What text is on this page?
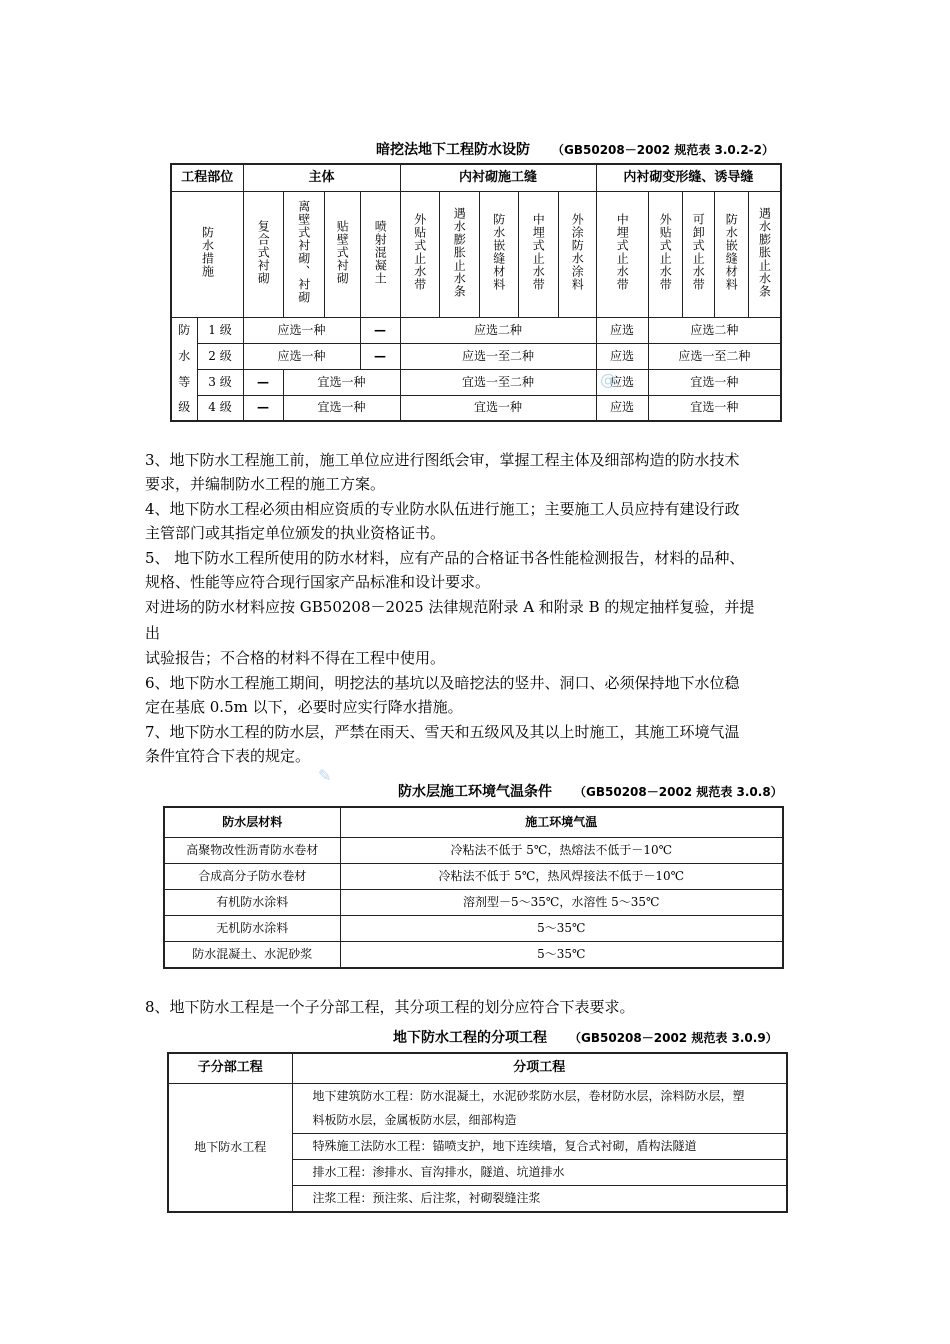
暗挖法地下工程防水设防 （GB50208－2002 规范表 3.0.2-2）
工程部位		主体				内衬砌施工缝					内衬砌变形缝、诱导缝				
防水措施		复合式衬砌	离壁式衬砌、衬砌	贴壁式衬砌	喷射混凝土	外贴式止水带	遇水膨胀止水条	防水嵌缝材料	中埋式止水带	外涂防水涂料	中埋式止水带	外贴式止水带	可卸式止水带	防水嵌缝材料	遇水膨胀止水条
防	1 级	应选一种			—	应选二种					应选	应选二种			
水	2 级	应选一种			—	应选一至二种					应选	应选一至二种			
等	3 级	—	宜选一种			宜选一至二种					应选	宜选一种			
级	4 级	—	宜选一种			宜选一种					应选	宜选一种			
@
✎
3、地下防水工程施工前，施工单位应进行图纸会审，掌握工程主体及细部构造的防水技术
要求，并编制防水工程的施工方案。
4、地下防水工程必须由相应资质的专业防水队伍进行施工；主要施工人员应持有建设行政
主管部门或其指定单位颁发的执业资格证书。
5、 地下防水工程所使用的防水材料，应有产品的合格证书各性能检测报告，材料的品种、
规格、性能等应符合现行国家产品标准和设计要求。
对进场的防水材料应按 GB50208－2025 法律规范附录 A 和附录 B 的规定抽样复验，并提
出
试验报告；不合格的材料不得在工程中使用。
6、地下防水工程施工期间，明挖法的基坑以及暗挖法的竖井、洞口、必须保持地下水位稳
定在基底 0.5m 以下，必要时应实行降水措施。
7、地下防水工程的防水层，严禁在雨天、雪天和五级风及其以上时施工，其施工环境气温
条件宜符合下表的规定。
防水层施工环境气温条件 （GB50208－2002 规范表 3.0.8）
防水层材料	施工环境气温
高聚物改性沥青防水卷材	冷粘法不低于 5℃，热熔法不低于－10℃
合成高分子防水卷材	冷粘法不低于 5℃，热风焊接法不低于－10℃
有机防水涂料	溶剂型－5～35℃，水溶性 5～35℃
无机防水涂料	5～35℃
防水混凝土、水泥砂浆	5～35℃
8、地下防水工程是一个子分部工程，其分项工程的划分应符合下表要求。
地下防水工程的分项工程 （GB50208－2002 规范表 3.0.9）
子分部工程	分项工程
地下防水工程	地下建筑防水工程：防水混凝土，水泥砂浆防水层，卷材防水层，涂料防水层，塑
料板防水层，金属板防水层，细部构造

	特殊施工法防水工程：锚喷支护，地下连续墙，复合式衬砌，盾构法隧道
	排水工程：渗排水、盲沟排水，隧道、坑道排水
	注浆工程：预注浆、后注浆，衬砌裂缝注浆
